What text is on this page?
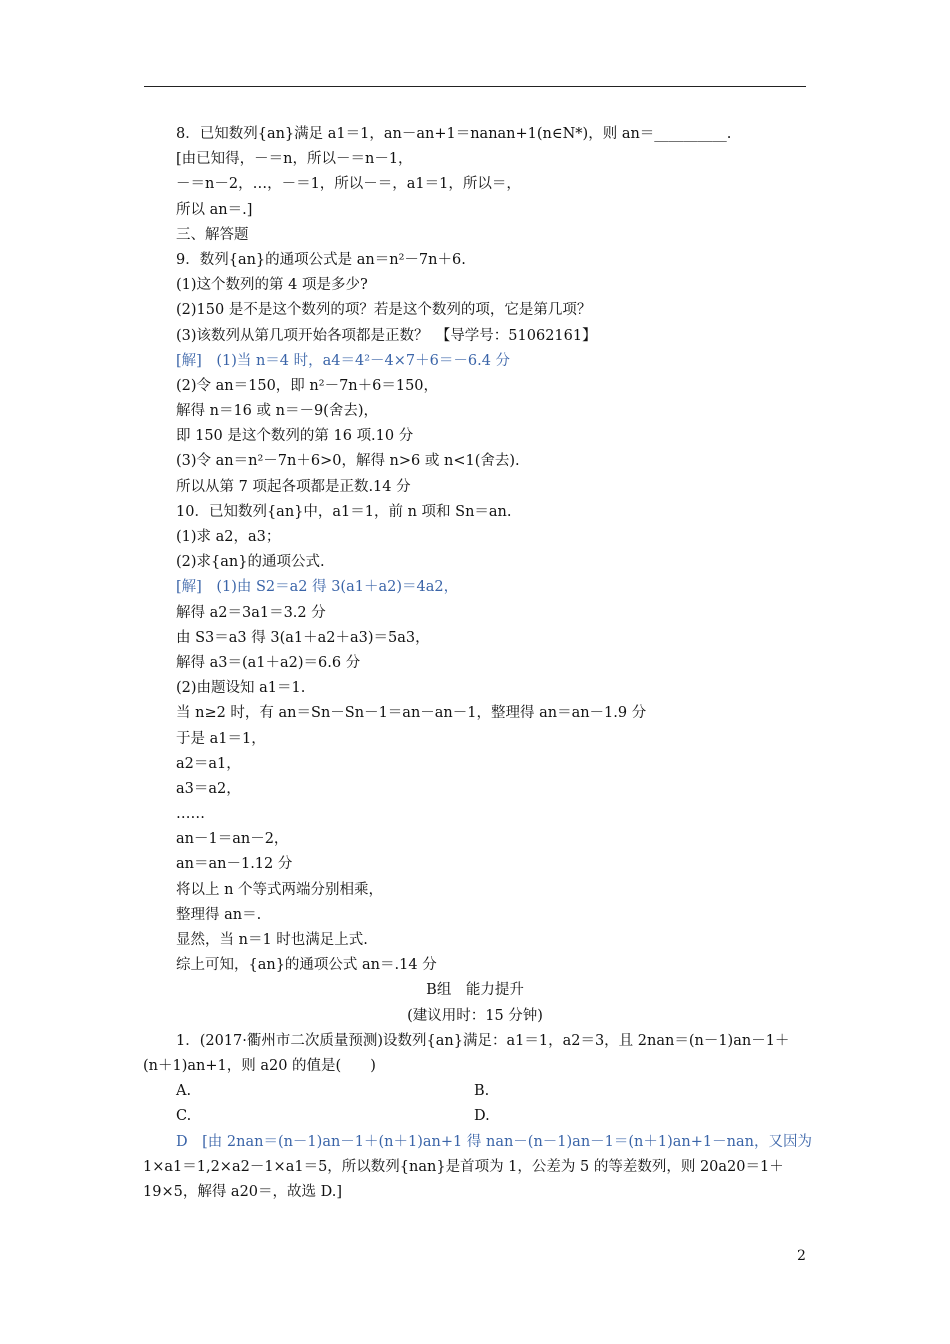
8．已知数列{an}满足 a1＝1，an－an+1＝nanan+1(n∈N*)，则 an＝__________.
[由已知得，－＝n，所以－＝n－1，
－＝n－2，…，－＝1，所以－＝，a1＝1，所以＝，
所以 an＝.]
三、解答题
9．数列{an}的通项公式是 an＝n²－7n＋6.
(1)这个数列的第 4 项是多少?
(2)150 是不是这个数列的项？若是这个数列的项，它是第几项？
(3)该数列从第几项开始各项都是正数？　【导学号：51062161】
[解]　(1)当 n＝4 时，a4＝4²－4×7＋6＝－6.4 分
(2)令 an＝150，即 n²－7n＋6＝150，
解得 n＝16 或 n＝－9(舍去)，
即 150 是这个数列的第 16 项.10 分
(3)令 an＝n²－7n＋6>0，解得 n>6 或 n<1(舍去).
所以从第 7 项起各项都是正数.14 分
10．已知数列{an}中，a1＝1，前 n 项和 Sn＝an.
(1)求 a2，a3；
(2)求{an}的通项公式.
[解]　(1)由 S2＝a2 得 3(a1＋a2)＝4a2，
解得 a2＝3a1＝3.2 分
由 S3＝a3 得 3(a1＋a2＋a3)＝5a3，
解得 a3＝(a1＋a2)＝6.6 分
(2)由题设知 a1＝1.
当 n≥2 时，有 an＝Sn－Sn－1＝an－an－1，整理得 an＝an－1.9 分
于是 a1＝1，
a2＝a1，
a3＝a2，
……
an－1＝an－2，
an＝an－1.12 分
将以上 n 个等式两端分别相乘，
整理得 an＝.
显然，当 n＝1 时也满足上式.
综上可知，{an}的通项公式 an＝.14 分
B组　能力提升
(建议用时：15 分钟)
1．(2017·衢州市二次质量预测)设数列{an}满足：a1＝1，a2＝3，且 2nan＝(n－1)an－1＋
(n＋1)an+1，则 a20 的值是(　　)
A.	B.
C.	D.
D　[由 2nan＝(n－1)an－1＋(n＋1)an+1 得 nan－(n－1)an－1＝(n＋1)an+1－nan，又因为
1×a1＝1,2×a2－1×a1＝5，所以数列{nan}是首项为 1，公差为 5 的等差数列，则 20a20＝1＋
19×5，解得 a20＝，故选 D.]
2
